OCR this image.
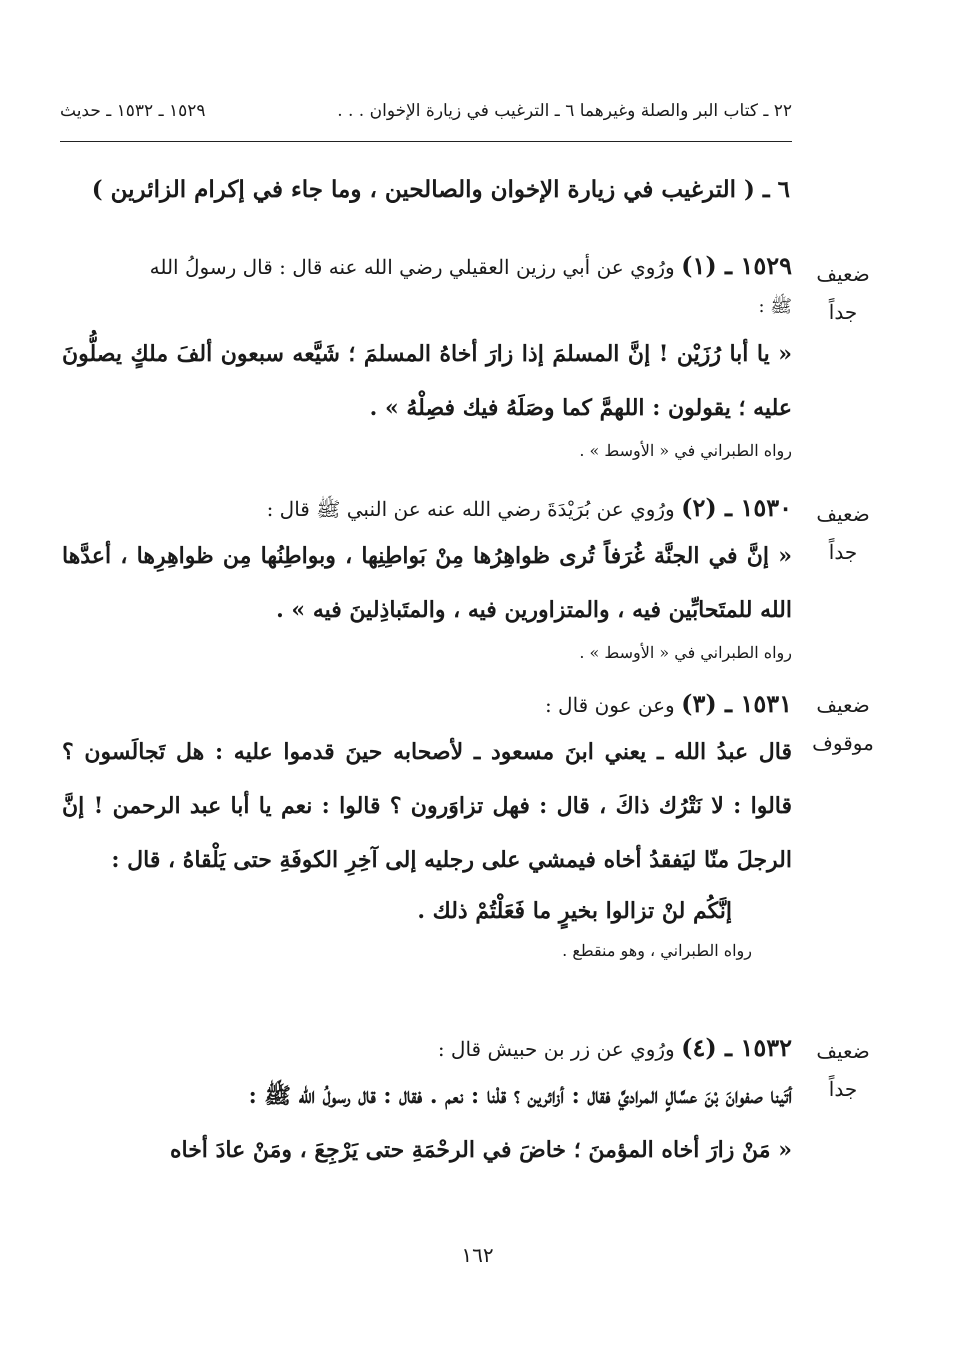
٢٢ ـ كتاب البر والصلة وغيرهما ٦ ـ الترغيب في زيارة الإخوان . . .
١٥٢٩ ـ ١٥٣٢ ـ حديث
٦ ـ ( الترغيب في زيارة الإخوان والصالحين ، وما جاء في إكرام الزائرين )
ضعيف
جداً
١٥٢٩ ـ (١) ورُوي عن أبي رزين العقيلي رضي الله عنه قال : قال رسولُ الله
ﷺ :
« يا أبا رُزَيْن ! إنَّ المسلمَ إذا زارَ أخاهُ المسلمَ ؛ شَيَّعه سبعون ألفَ ملكٍ يصلُّونَ عليه ؛ يقولون : اللهمَّ كما وصَلَهُ فيك فصِلْهُ » .
رواه الطبراني في « الأوسط » .
ضعيف
جداً
١٥٣٠ ـ (٢) ورُوي عن بُرَيْدَةَ رضي الله عنه عن النبي ﷺ قال :
« إنَّ في الجنَّة غُرَفاً تُرى ظواهِرُها مِنْ بَواطِنِها ، وبواطِنُها مِن ظواهِرِها ، أعدَّها الله للمتَحابِّين فيه ، والمتزاورين فيه ، والمتَباذِلينَ فيه » .
رواه الطبراني في « الأوسط » .
ضعيف
موقوف
١٥٣١ ـ (٣) وعن عون قال :
قال عبدُ الله ـ يعني ابنَ مسعود ـ لأصحابه حينَ قدموا عليه : هل تَجالَسون ؟ قالوا : لا نَتْرُك ذاكَ ، قال : فهل تزاوَرون ؟ قالوا : نعم يا أبا عبد الرحمن ! إنَّ الرجلَ منّا ليَفقدُ أخاه فيمشي على رجليه إلى آخِرِ الكوفَةِ حتى يَلْقاهُ ، قال :
إنَّكُم لنْ تزالوا بخيرٍ ما فَعَلْتُمْ ذلك .
رواه الطبراني ، وهو منقطع .
ضعيف
جداً
١٥٣٢ ـ (٤) ورُوي عن زر بن حبيش قال :
أتَينا صفوانَ بْنَ عسَّالٍ المراديَّ فقال : أزائرين ؟ قلْنا : نعم . فقال : قال رسولُ الله ﷺ :
« مَنْ زارَ أخاه المؤمنَ ؛ خاضَ في الرحْمَةِ حتى يَرْجِعَ ، ومَنْ عادَ أخاه
١٦٢
